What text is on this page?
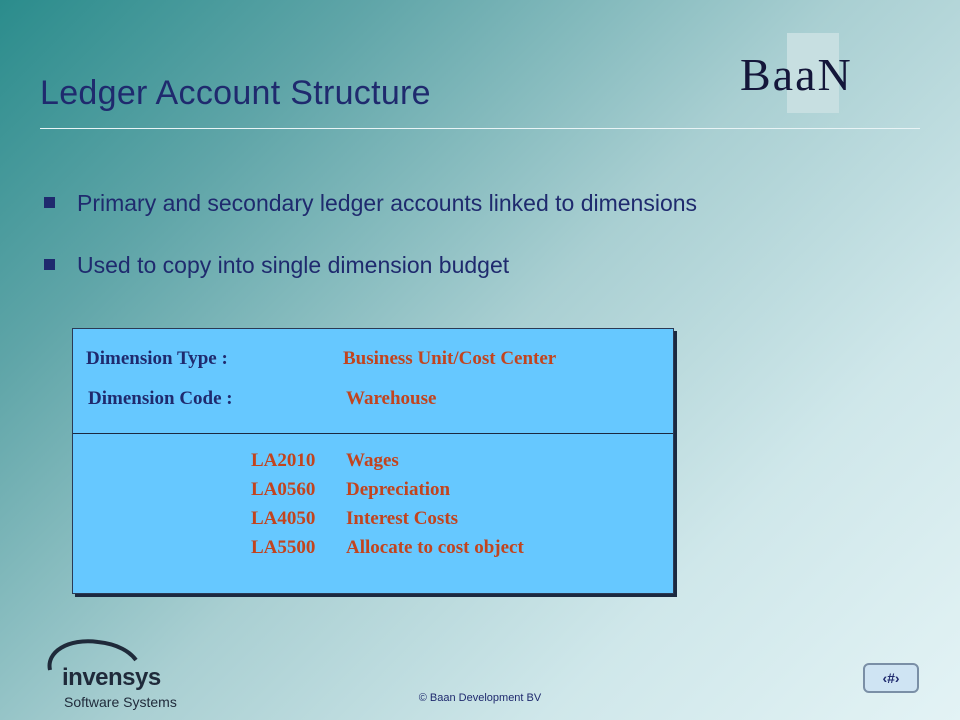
Ledger Account Structure	BaaN
Primary and secondary ledger accounts linked to dimensions
Used to copy into single dimension budget
Dimension Type :	Business Unit/Cost Center
Dimension Code :	Warehouse
LA2010 Wages
LA0560 Depreciation
LA4050 Interest Costs
LA5500 Allocate to cost object
invensys
Software Systems	© Baan Development BV
‹#›
